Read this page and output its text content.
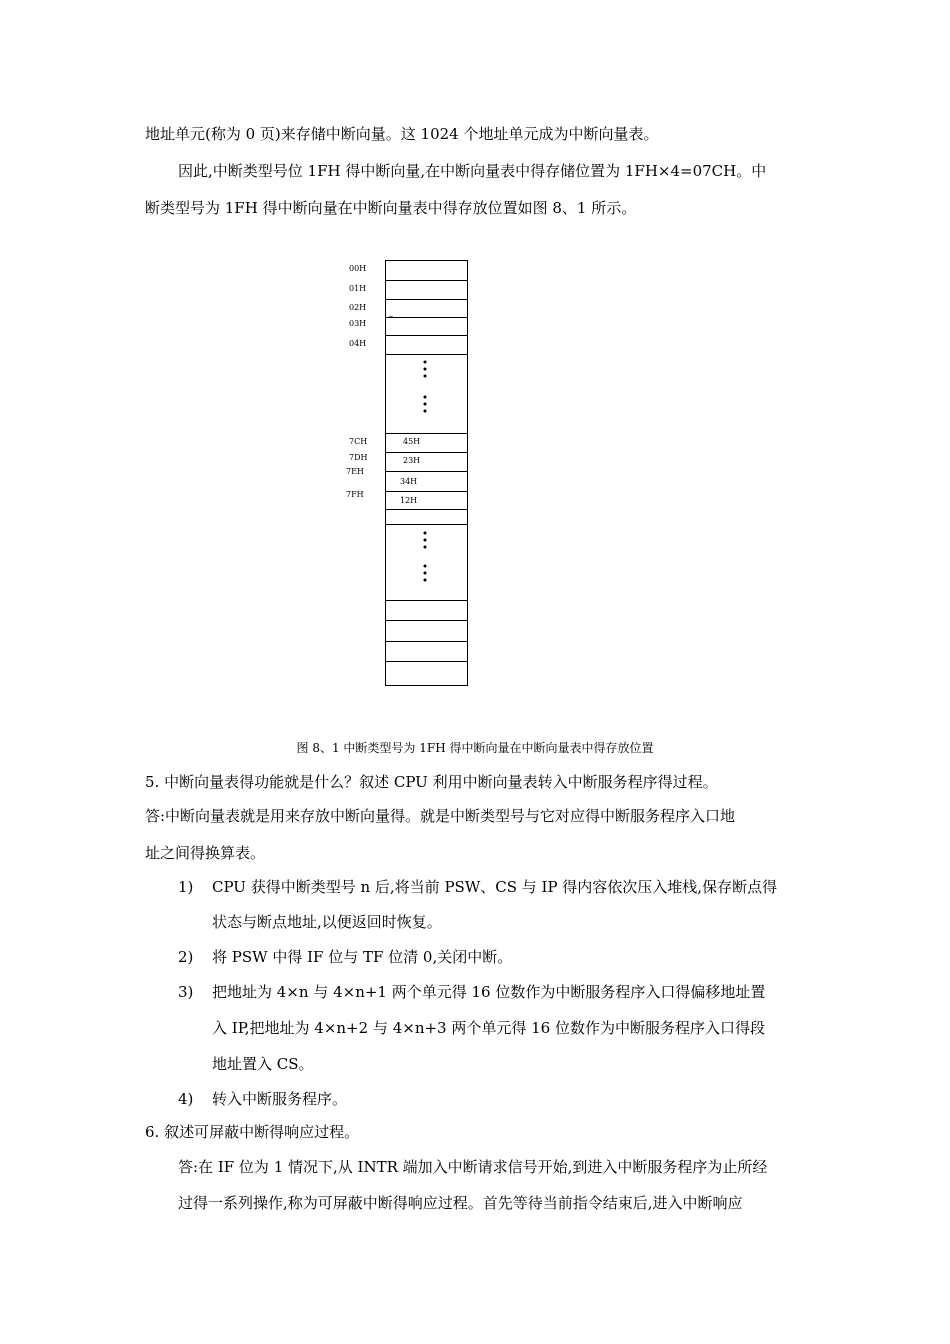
地址单元(称为 0 页)来存储中断向量。这 1024 个地址单元成为中断向量表。
因此,中断类型号位 1FH 得中断向量,在中断向量表中得存储位置为 1FH×4=07CH。中
断类型号为 1FH 得中断向量在中断向量表中得存放位置如图 8、1 所示。
00H
01H
02H
03H
04H
7CH
7DH
7EH
7FH
45H
23H
34H
12H
图 8、1 中断类型号为 1FH 得中断向量在中断向量表中得存放位置
5. 中断向量表得功能就是什么？叙述 CPU 利用中断向量表转入中断服务程序得过程。
答:中断向量表就是用来存放中断向量得。就是中断类型号与它对应得中断服务程序入口地
址之间得换算表。
1) CPU 获得中断类型号 n 后,将当前 PSW、CS 与 IP 得内容依次压入堆栈,保存断点得
状态与断点地址,以便返回时恢复。
2) 将 PSW 中得 IF 位与 TF 位清 0,关闭中断。
3) 把地址为 4×n 与 4×n+1 两个单元得 16 位数作为中断服务程序入口得偏移地址置
入 IP,把地址为 4×n+2 与 4×n+3 两个单元得 16 位数作为中断服务程序入口得段
地址置入 CS。
4) 转入中断服务程序。
6. 叙述可屏蔽中断得响应过程。
答:在 IF 位为 1 情况下,从 INTR 端加入中断请求信号开始,到进入中断服务程序为止所经
过得一系列操作,称为可屏蔽中断得响应过程。首先等待当前指令结束后,进入中断响应
